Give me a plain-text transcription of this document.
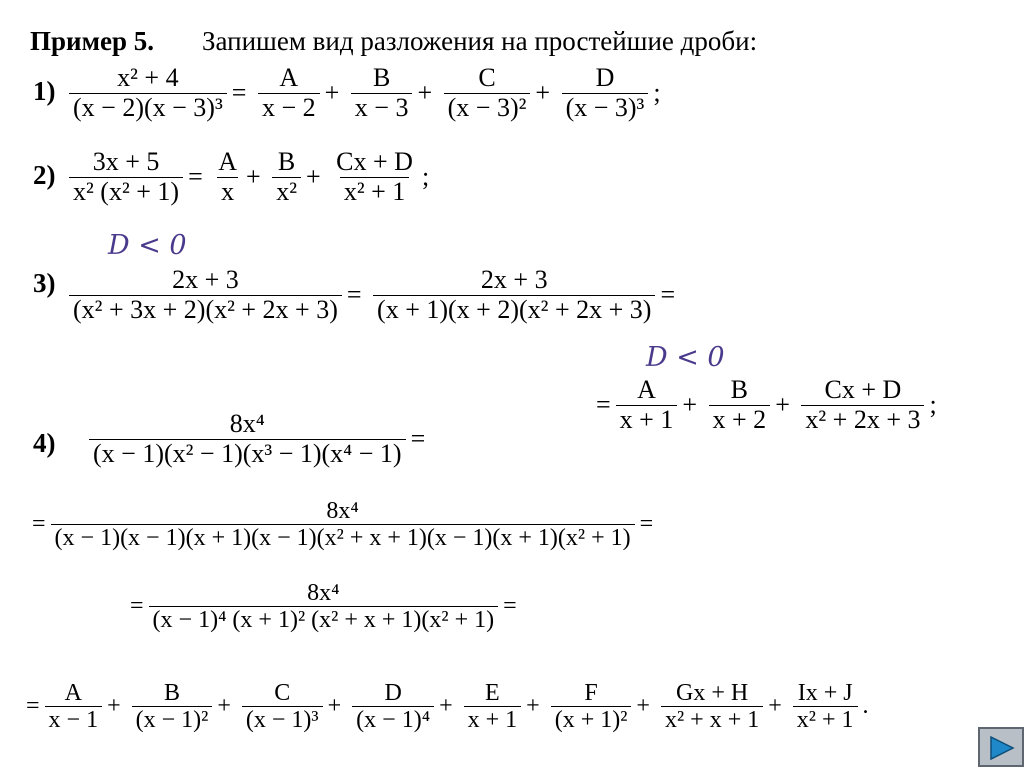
Пример 5. Запишем вид разложения на простейшие дроби:
$1) \frac{\text{x² + 4}}{\text{(x − 2)(x − 3)³}} = \frac{A}{x - 2} + \frac{B}{x - 3} + \frac{C}{\text{(x − 3)²}} + \frac{D}{\text{(x − 3)³}}$ ;
$2) \frac{3x + 5}{\text{x² (x² + 1)}} = \frac{A}{x} + \frac{B}{\text{x²}} + \frac{Cx + D}{\text{x² + 1}}$ ;
D < 0
$3) \frac{2x + 3}{\text{(x² + 3x + 2)(x² + 2x + 3)}} = \frac{2x + 3}{\text{(x + 1)(x + 2)(x² + 2x + 3)}}$ =
D < 0
= $\frac{A}{x + 1} + \frac{B}{x + 2} + \frac{Cx + D}{\text{x² + 2x + 3}}$ ;
$4) \frac{\text{8x⁴}}{\text{(x − 1)(x² − 1)(x³ − 1)(x⁴ − 1)}}$ =
=
8x⁴
(x − 1)(x − 1)(x + 1)(x − 1)(x² + x + 1)(x − 1)(x + 1)(x² + 1)
=
= $\frac{\text{8x⁴}}{\text{(x − 1)⁴ (x + 1)² (x² + x + 1)(x² + 1)}}$ =
= $\frac{A}{x - 1} + \frac{B}{\text{(x − 1)²}} + \frac{C}{\text{(x − 1)³}} + \frac{D}{\text{(x − 1)⁴}} + \frac{E}{x + 1} + \frac{F}{\text{(x + 1)²}} + \frac{Gx + H}{\text{x² + x + 1}} + \frac{Ix + J}{\text{x² + 1}}$ .
